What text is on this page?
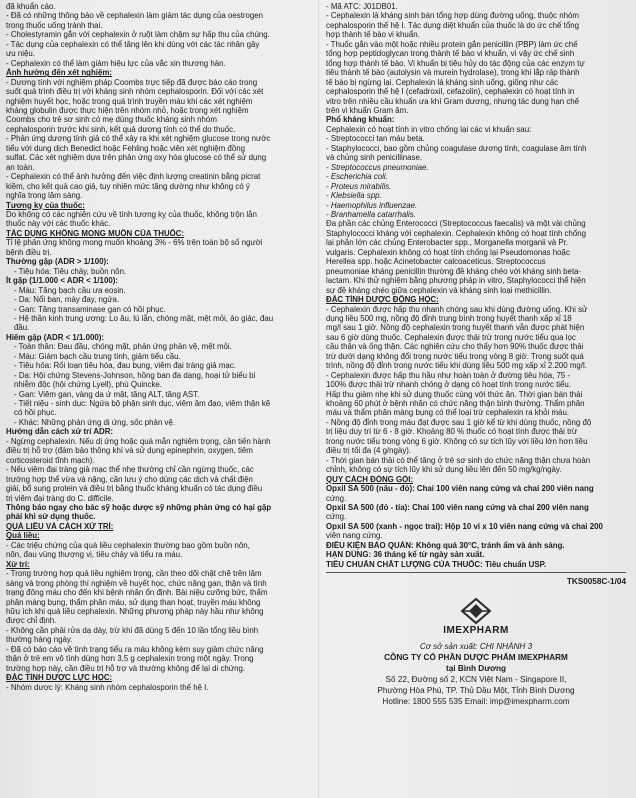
đã khuẩn cáo.
- Đã có những thông báo về cephalexin làm giảm tác dụng của oestrogen
trong thuốc uống tránh thai.
- Cholestyramin gắn với cephalexin ở ruột làm chậm sự hấp thu của chúng.
- Tác dụng của cephalexin có thể tăng lên khi dùng với các tác nhân gây
ưu niệu.
- Cephalexin có thể làm giảm hiệu lực của vắc xin thương hàn.
Ảnh hưởng đến xét nghiệm:
- Dương tính với nghiệm pháp Coombs trực tiếp đã được báo cáo trong
suốt quá trình điều trị với kháng sinh nhóm cephalosporin. Đối với các xét
nghiệm huyết học, hoặc trong quá trình truyền máu khi các xét nghiệm
kháng globulin được thực hiện trên nhóm nhỏ, hoặc trong xét nghiệm
Coombs cho trẻ sơ sinh có mẹ dùng thuốc kháng sinh nhóm
cephalosporin trước khi sinh, kết quả dương tính có thể do thuốc.
- Phản ứng dương tính giả có thể xảy ra khi xét nghiệm glucose trong nước
tiểu với dung dịch Benedict hoặc Fehling hoặc viên xét nghiệm đồng
sulfat. Các xét nghiệm dựa trên phản ứng oxy hóa glucose có thể sử dụng
an toàn.
- Cephalexin có thể ảnh hưởng đến việc định lượng creatinin bằng picrat
kiềm, cho kết quả cao giả, tuy nhiên mức tăng dường như không có ý
nghĩa trong lâm sàng.
Tương kỵ của thuốc:
Do không có các nghiên cứu về tính tương kỵ của thuốc, không trộn lẫn
thuốc này với các thuốc khác.
TÁC DỤNG KHÔNG MONG MUỐN CỦA THUỐC:
Tỉ lệ phản ứng không mong muốn khoảng 3% - 6% trên toàn bộ số người
bệnh điều trị.
Thường gặp (ADR > 1/100):
- Tiêu hóa: Tiêu chảy, buồn nôn.
Ít gặp (1/1.000 < ADR < 1/100):
- Máu: Tăng bạch cầu ưa eosin.
- Da: Nổi ban, mày đay, ngứa.
- Gan: Tăng transaminase gan có hồi phục.
- Hệ thần kinh trung ương: Lo âu, lú lẫn, chóng mặt, mệt mỏi, ảo giác, đau
đầu.
Hiếm gặp (ADR < 1/1.000):
- Toàn thân: Đau đầu, chóng mặt, phản ứng phản vệ, mệt mỏi.
- Máu: Giảm bạch cầu trung tính, giảm tiểu cầu.
- Tiêu hóa: Rối loạn tiêu hóa, đau bụng, viêm đại tràng giả mạc.
- Da: Hội chứng Stevens-Johnson, hồng ban đa dạng, hoại tử biểu bì
nhiễm độc (hội chứng Lyell), phù Quincke.
- Gan: Viêm gan, vàng da ứ mật, tăng ALT, tăng AST.
- Tiết niệu - sinh dục: Ngứa bộ phận sinh dục, viêm âm đạo, viêm thận kẽ
có hồi phục.
- Khác: Những phản ứng dị ứng, sốc phản vệ.
Hướng dẫn cách xử trí ADR:
- Ngừng cephalexin. Nếu dị ứng hoặc quá mẫn nghiêm trọng, cần tiến hành
điều trị hỗ trợ (đảm bảo thông khí và sử dụng epinephrin, oxygen, tiêm
corticosteroid tĩnh mạch).
- Nếu viêm đại tràng giả mạc thể nhẹ thường chỉ cần ngừng thuốc, các
trường hợp thể vừa và nặng, cần lưu ý cho dùng các dịch và chất điện
giải, bổ sung protein và điều trị bằng thuốc kháng khuẩn có tác dụng điều
trị viêm đại tràng do C. difficile.
Thông báo ngay cho bác sỹ hoặc dược sỹ những phản ứng có hại gặp
phải khi sử dụng thuốc.
QUÁ LIỀU VÀ CÁCH XỬ TRÍ:
Quá liều:
- Các triệu chứng của quá liều cephalexin thường bao gồm buồn nôn,
nôn, đau vùng thượng vị, tiêu chảy và tiểu ra máu.
Xử trí:
- Trong trường hợp quá liều nghiêm trọng, cần theo dõi chặt chẽ trên lâm
sàng và trong phòng thí nghiệm về huyết học, chức năng gan, thận và tình
trạng đông máu cho đến khi bệnh nhân ổn định. Bài niệu cưỡng bức, thẩm
phân màng bụng, thẩm phân máu, sử dụng than hoạt, truyền máu không
hữu ích khi quá liều cephalexin. Những phương pháp này hầu như không
được chỉ định.
- Không cần phải rửa dạ dày, trừ khi đã dùng 5 đến 10 lần tổng liều bình
thường hàng ngày.
- Đã có báo cáo về tình trạng tiểu ra máu không kèm suy giảm chức năng
thận ở trẻ em vô tình dùng hơn 3,5 g cephalexin trong một ngày. Trong
trường hợp này, cần điều trị hỗ trợ và thường không để lại di chứng.
ĐẶC TÍNH DƯỢC LỰC HỌC:
- Nhóm dược lý: Kháng sinh nhóm cephalosporin thế hệ I.
- Mã ATC: J01DB01.
- Cephalexin là kháng sinh bán tổng hợp dùng đường uống, thuộc nhóm
cephalosporin thế hệ I. Tác dụng diệt khuẩn của thuốc là do ức chế tổng
hợp thành tế bào vi khuẩn.
- Thuốc gắn vào một hoặc nhiều protein gắn penicillin (PBP) làm ức chế
tổng hợp peptidoglycan trong thành tế bào vi khuẩn, vì vậy ức chế sinh
tổng hợp thành tế bào. Vi khuẩn bị tiêu hủy do tác động của các enzym tự
tiêu thành tế bào (autolysin và murein hydrolase), trong khi lắp ráp thành
tế bào bị ngừng lại. Cephalexin là kháng sinh uống, giống như các
cephalosporin thế hệ I (cefadroxil, cefazolin), cephalexin có hoạt tính in
vitro trên nhiều cầu khuẩn ưa khí Gram dương, nhưng tác dụng hạn chế
trên vi khuẩn Gram âm.
Phổ kháng khuẩn:
Cephalexin có hoạt tính in vitro chống lại các vi khuẩn sau:
- Streptococci tan máu beta.
- Staphylococci, bao gồm chủng coagulase dương tính, coagulase âm tính
và chủng sinh penicillinase.
- Streptococcus pneumoniae.
- Escherichia coli.
- Proteus mirabilis.
- Klebsiella spp.
- Haemophilus influenzae.
- Branhamella catarrhalis.
Đa phần các chủng Enterococci (Streptococcus faecalis) và một vài chủng
Staphylococci kháng với cephalexin. Cephalexin không có hoạt tính chống
lại phần lớn các chủng Enterobacter spp., Morganella morganii và Pr.
vulgaris. Cephalexin không có hoạt tính chống lại Pseudomonas hoặc
Herellea spp. hoặc Acinetobacter calcoaceticus. Streptococcus
pneumoniae kháng penicillin thường đề kháng chéo với kháng sinh beta-
lactam. Khi thử nghiệm bằng phương pháp in vitro, Staphylococci thể hiện
sự đề kháng chéo giữa cephalexin và kháng sinh loại methicillin.
ĐẶC TÍNH DƯỢC ĐỘNG HỌC:
- Cephalexin được hấp thu nhanh chóng sau khi dùng đường uống. Khi sử
dụng liều 500 mg, nồng độ đỉnh trung bình trong huyết thanh xấp xỉ 18
mg/l sau 1 giờ. Nồng độ cephalexin trong huyết thanh vẫn được phát hiện
sau 6 giờ dùng thuốc. Cephalexin được thải trừ trong nước tiểu qua lọc
cầu thận và ống thận. Các nghiên cứu cho thấy hơn 90% thuốc được thải
trừ dưới dạng không đổi trong nước tiểu trong vòng 8 giờ. Trong suốt quá
trình, nồng độ đỉnh trong nước tiểu khi dùng liều 500 mg xấp xỉ 2.200 mg/l.
- Cephalexin được hấp thu hầu như hoàn toàn ở đường tiêu hóa, 75 -
100% được thải trừ nhanh chóng ở dạng có hoạt tính trong nước tiểu.
Hấp thu giảm nhẹ khi sử dụng thuốc cùng với thức ăn. Thời gian bán thải
khoảng 60 phút ở bệnh nhân có chức năng thận bình thường. Thẩm phân
máu và thẩm phân màng bụng có thể loại trừ cephalexin ra khỏi máu.
- Nồng độ đỉnh trong máu đạt được sau 1 giờ kể từ khi dùng thuốc, nồng độ
trị liệu duy trì từ 6 - 8 giờ. Khoảng 80 % thuốc có hoạt tính được thải trừ
trong nước tiểu trong vòng 6 giờ. Không có sự tích lũy với liều lớn hơn liều
điều trị tối đa (4 g/ngày).
- Thời gian bán thải có thể tăng ở trẻ sơ sinh do chức năng thận chưa hoàn
chỉnh, không có sự tích lũy khi sử dụng liều lên đến 50 mg/kg/ngày.
QUY CÁCH ĐÓNG GÓI:
Opxil SA 500 (nâu - đỏ): Chai 100 viên nang cứng và chai 200 viên nang
cứng.
Opxil SA 500 (đỏ - tía): Chai 100 viên nang cứng và chai 200 viên nang
cứng.
Opxil SA 500 (xanh - ngọc trai): Hộp 10 vỉ x 10 viên nang cứng và chai 200
viên nang cứng.
ĐIỀU KIỆN BẢO QUẢN: Không quá 30°C, tránh ẩm và ánh sáng.
HẠN DÙNG: 36 tháng kể từ ngày sản xuất.
TIÊU CHUẨN CHẤT LƯỢNG CỦA THUỐC: Tiêu chuẩn USP.
TKS0058C-1/04
IMEXPHARM
Cơ sở sản xuất: CHI NHÁNH 3
CÔNG TY CỔ PHẦN DƯỢC PHẨM IMEXPHARM
tại Bình Dương
Số 22, Đường số 2, KCN Việt Nam - Singapore II,
Phường Hòa Phú, TP. Thủ Dầu Một, Tỉnh Bình Dương
Hotline: 1800 555 535 Email: imp@imexpharm.com
